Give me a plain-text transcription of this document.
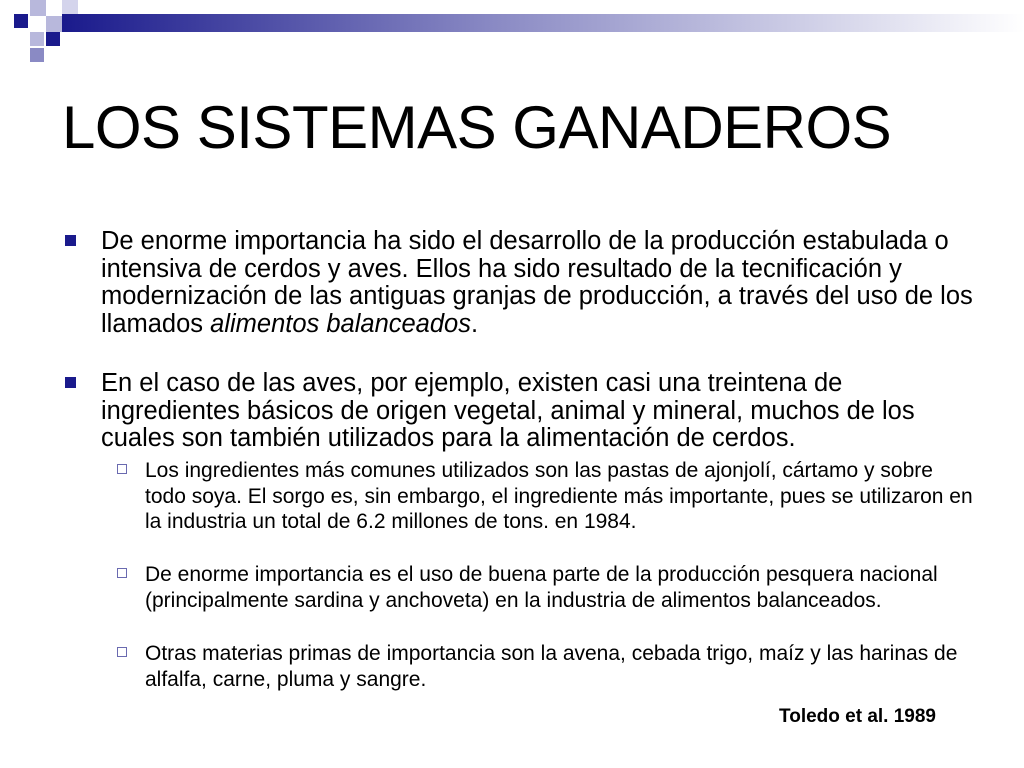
LOS SISTEMAS GANADEROS

De enorme importancia ha sido el desarrollo de la producción estabulada o intensiva de cerdos y aves. Ellos ha sido resultado de la tecnificación y modernización de las antiguas granjas de producción, a través del uso de los llamados alimentos balanceados.

En el caso de las aves, por ejemplo, existen casi una treintena de ingredientes básicos de origen vegetal, animal y mineral, muchos de los cuales son también utilizados para la alimentación de cerdos.

Los ingredientes más comunes utilizados son las pastas de ajonjolí, cártamo y sobre todo soya. El sorgo es, sin embargo, el ingrediente más importante, pues se utilizaron en la industria un total de 6.2 millones de tons. en 1984.

De enorme importancia es el uso de buena parte de la producción pesquera nacional (principalmente sardina y anchoveta) en la industria de alimentos balanceados.

Otras materias primas de importancia son la avena, cebada trigo, maíz y las harinas de alfalfa, carne, pluma y sangre.

Toledo et al. 1989
